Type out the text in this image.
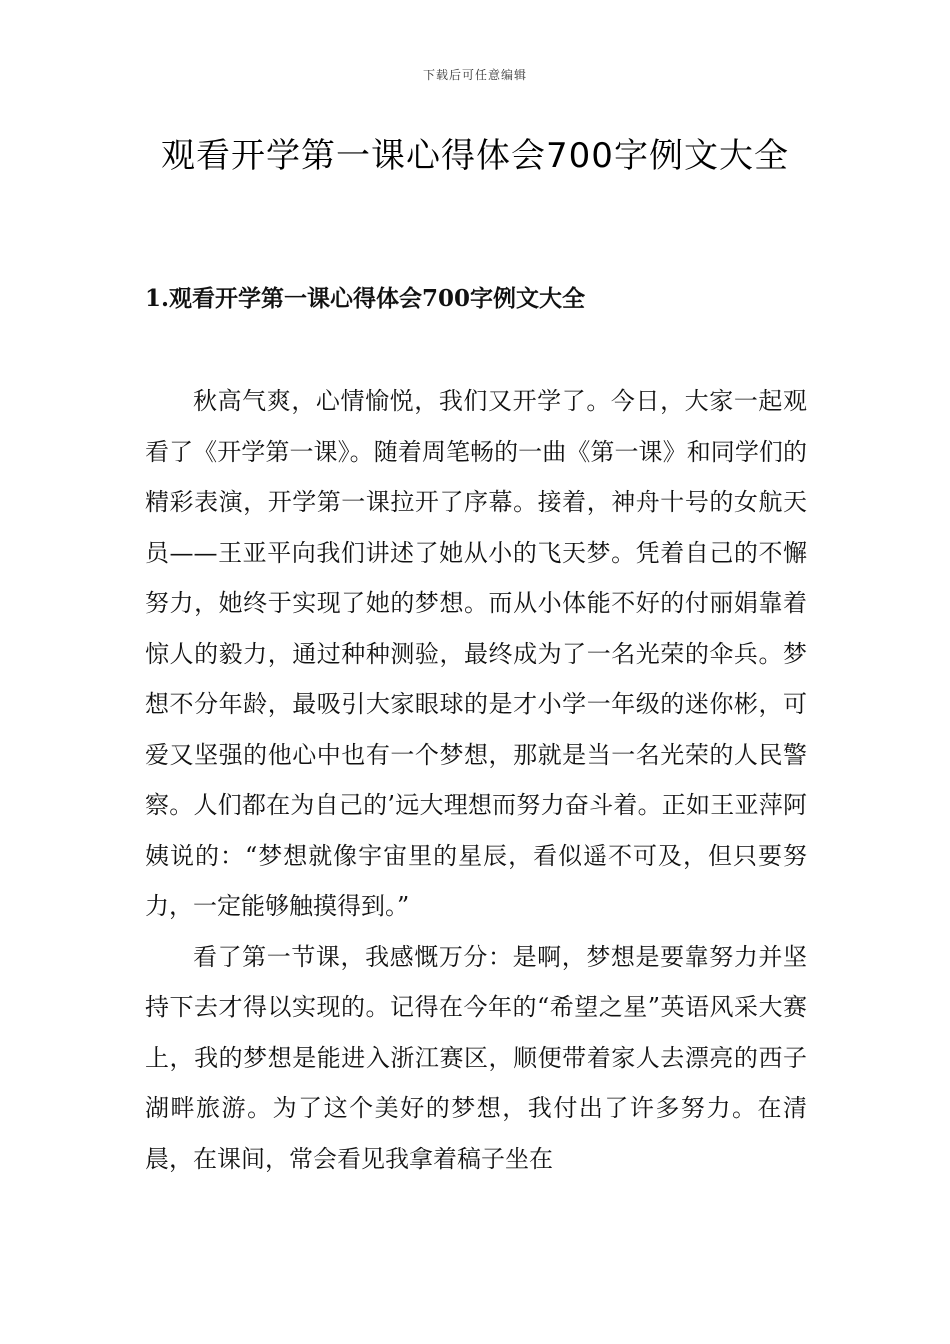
下载后可任意编辑
观看开学第一课心得体会700字例文大全
1.观看开学第一课心得体会700字例文大全

秋高气爽，心情愉悦，我们又开学了。今日，大家一起观看了《开学第一课》。随着周笔畅的一曲《第一课》和同学们的精彩表演，开学第一课拉开了序幕。接着，神舟十号的女航天员——王亚平向我们讲述了她从小的飞天梦。凭着自己的不懈努力，她终于实现了她的梦想。而从小体能不好的付丽娟靠着惊人的毅力，通过种种测验，最终成为了一名光荣的伞兵。梦想不分年龄，最吸引大家眼球的是才小学一年级的迷你彬，可爱又坚强的他心中也有一个梦想，那就是当一名光荣的人民警察。人们都在为自己的’远大理想而努力奋斗着。正如王亚萍阿姨说的：“梦想就像宇宙里的星辰，看似遥不可及，但只要努力，一定能够触摸得到。”

看了第一节课，我感慨万分：是啊，梦想是要靠努力并坚持下去才得以实现的。记得在今年的“希望之星”英语风采大赛上，我的梦想是能进入浙江赛区，顺便带着家人去漂亮的西子湖畔旅游。为了这个美好的梦想，我付出了许多努力。在清晨，在课间，常会看见我拿着稿子坐在
